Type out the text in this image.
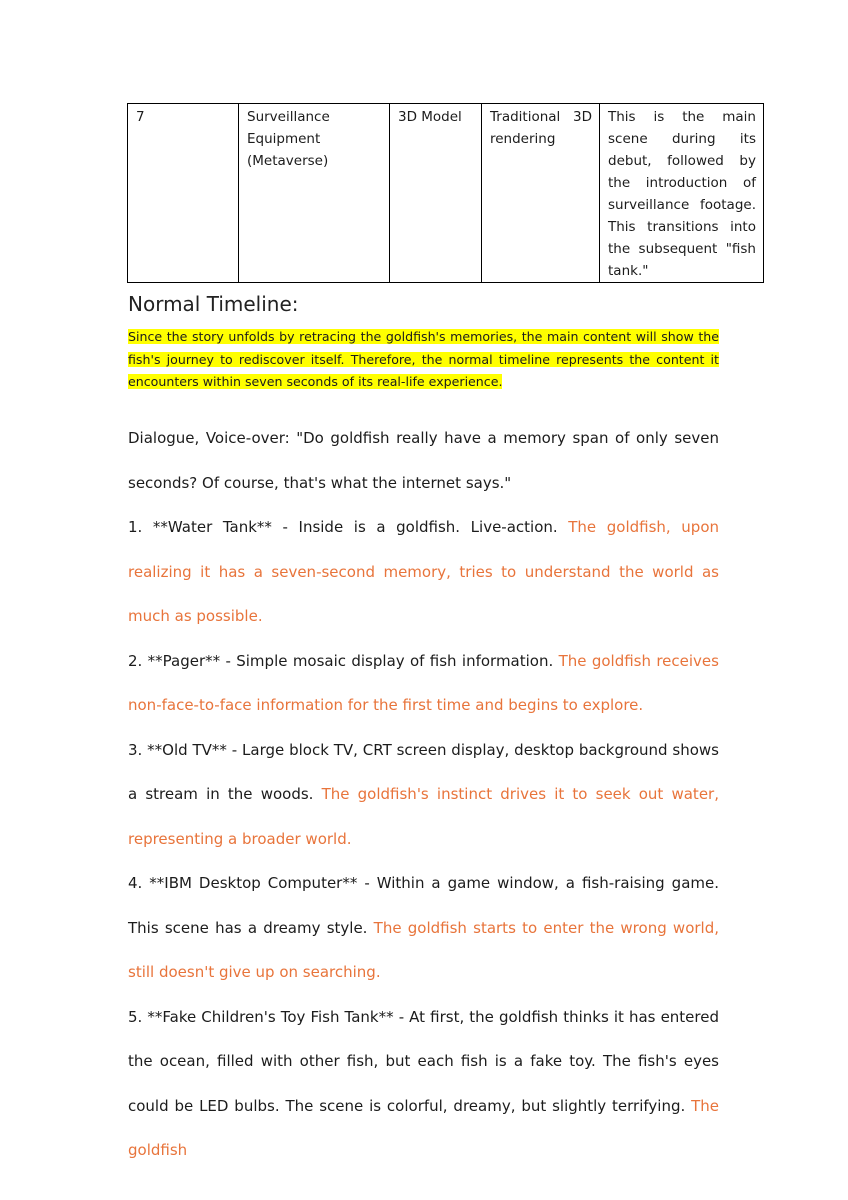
7	Surveillance Equipment (Metaverse)	3D Model	Traditional 3D rendering	This is the main scene during its debut, followed by the introduction of surveillance footage. This transitions into the subsequent "fish tank."
Normal Timeline:

Since the story unfolds by retracing the goldfish's memories, the main content will show the fish's journey to rediscover itself. Therefore, the normal timeline represents the content it encounters within seven seconds of its real-life experience.

Dialogue, Voice-over: "Do goldfish really have a memory span of only seven seconds? Of course, that's what the internet says."

1. **Water Tank** - Inside is a goldfish. Live-action. The goldfish, upon realizing it has a seven-second memory, tries to understand the world as much as possible.

2. **Pager** - Simple mosaic display of fish information. The goldfish receives non-face-to-face information for the first time and begins to explore.

3. **Old TV** - Large block TV, CRT screen display, desktop background shows a stream in the woods. The goldfish's instinct drives it to seek out water, representing a broader world.

4. **IBM Desktop Computer** - Within a game window, a fish-raising game. This scene has a dreamy style. The goldfish starts to enter the wrong world, still doesn't give up on searching.

5. **Fake Children's Toy Fish Tank** - At first, the goldfish thinks it has entered the ocean, filled with other fish, but each fish is a fake toy. The fish's eyes could be LED bulbs. The scene is colorful, dreamy, but slightly terrifying. The goldfish
